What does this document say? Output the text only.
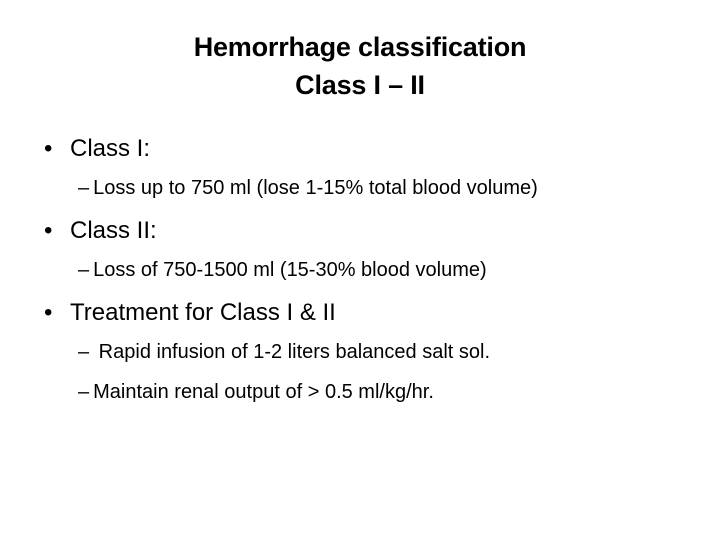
Hemorrhage classification
Class I – II
• Class I:
– Loss up to 750 ml (lose 1-15% total blood volume)
• Class II:
– Loss of 750-1500 ml (15-30% blood volume)
• Treatment for Class I & II
– Rapid infusion of 1-2 liters balanced salt sol.
– Maintain renal output of > 0.5 ml/kg/hr.
